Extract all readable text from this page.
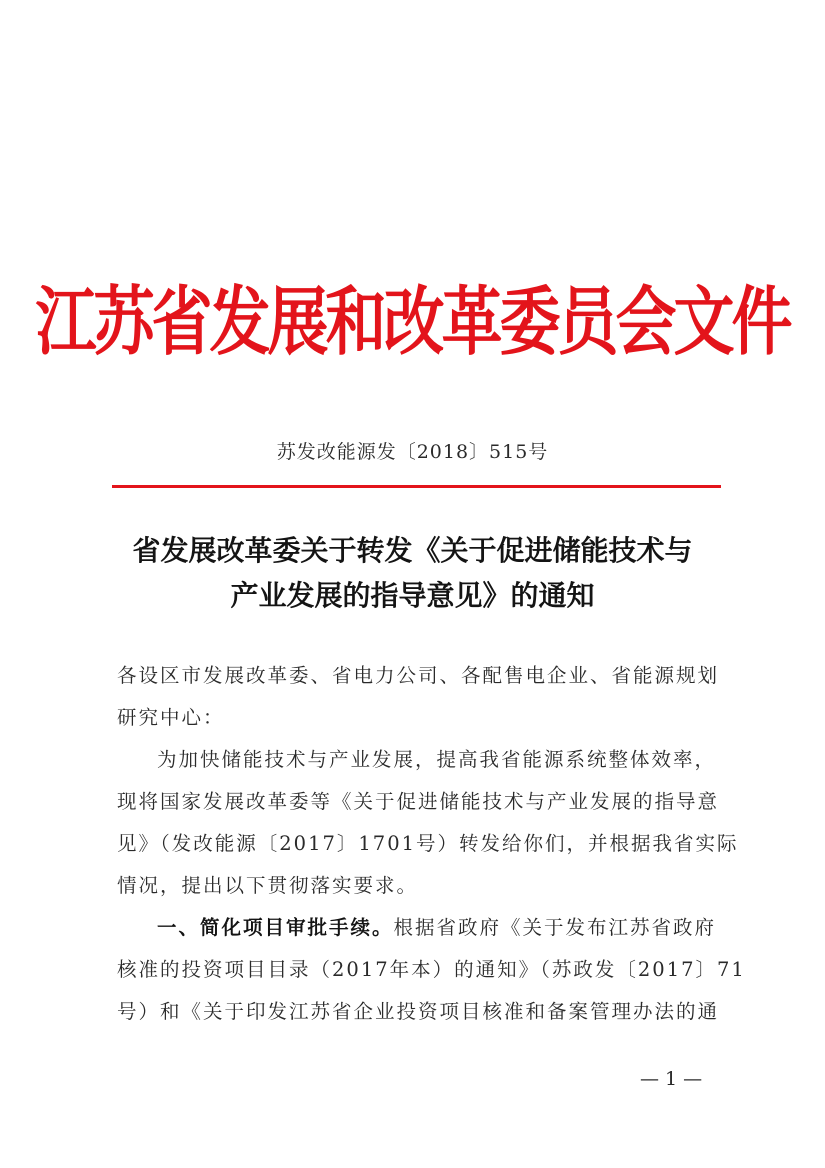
江苏省发展和改革委员会文件
苏发改能源发〔2018〕515号
省发展改革委关于转发《关于促进储能技术与
产业发展的指导意见》的通知
各设区市发展改革委、省电力公司、各配售电企业、省能源规划
研究中心：
为加快储能技术与产业发展，提高我省能源系统整体效率，
现将国家发展改革委等《关于促进储能技术与产业发展的指导意
见》（发改能源〔2017〕1701号）转发给你们，并根据我省实际
情况，提出以下贯彻落实要求。
一、简化项目审批手续。根据省政府《关于发布江苏省政府
核准的投资项目目录（2017年本）的通知》（苏政发〔2017〕71
号）和《关于印发江苏省企业投资项目核准和备案管理办法的通
— 1 —
